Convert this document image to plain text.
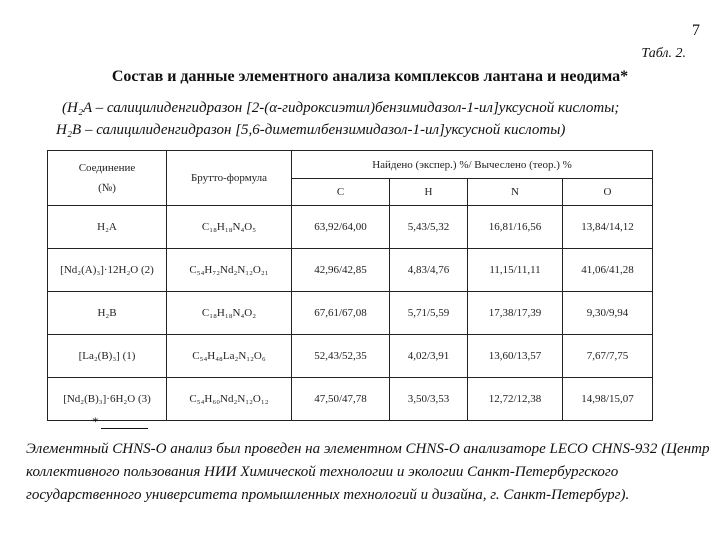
7
Табл. 2.
Состав и данные элементного анализа комплексов лантана и неодима*
(H₂A – салицилиденгидразон [2-(α-гидроксиэтил)бензимидазол-1-ил]уксусной кислоты;
H₂B – салицилиденгидразон [5,6-диметилбензимидазол-1-ил]уксусной кислоты)
Соединение
(№)	Брутто-формула	Найдено (экспер.) %/ Вычеслено (теор.) %			
		C	H	N	O
H₂A	C₁₈H₁₈N₄O₅	63,92/64,00	5,43/5,32	16,81/16,56	13,84/14,12
[Nd₂(A)₃]·12H₂O (2)	C₅₄H₇₂Nd₂N₁₂O₂₁	42,96/42,85	4,83/4,76	11,15/11,11	41,06/41,28
H₂B	C₁₈H₁₈N₄O₂	67,61/67,08	5,71/5,59	17,38/17,39	9,30/9,94
[La₂(B)₃] (1)	C₅₄H₄₈La₂N₁₂O₆	52,43/52,35	4,02/3,91	13,60/13,57	7,67/7,75
[Nd₂(B)₃]·6H₂O (3)	C₅₄H₆₀Nd₂N₁₂O₁₂	47,50/47,78	3,50/3,53	12,72/12,38	14,98/15,07
*
Элементный CHNS-O анализ был проведен на элементном CHNS-O анализаторе LECO CHNS-932 (Центр коллективного пользования НИИ Химической технологии и экологии Санкт-Петербургского государственного университета промышленных технологий и дизайна, г. Санкт-Петербург).
